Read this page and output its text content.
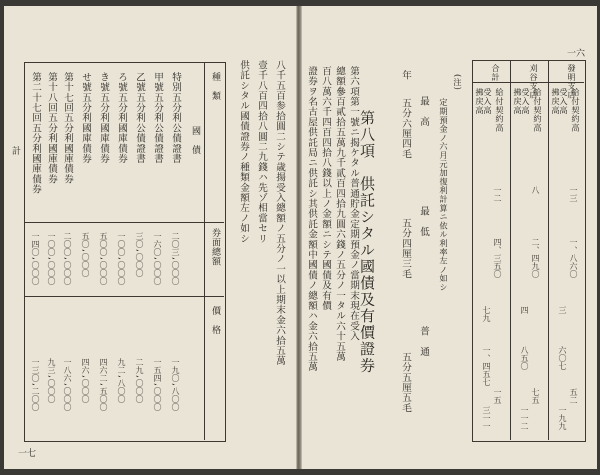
一七
八千五百参拾圓二シテ歳揚受入總額ノ五分ノ一以上期末金六拾五萬
壹千八百四拾八圓二九錢ハ先ゾ相當セリ
供託シタル國債證券ノ種類金額左ノ如シ
種　類
券面總額
價　格
國　債
特別五分利公債證書
二〇三,〇〇〇
一九〇,八〇〇
甲號五分利公債證書
一六〇,〇〇〇
一五四,〇〇〇
乙號五分利公債證書
三〇,〇〇〇
二九,〇〇〇
ろ號五分利國庫債券
一〇〇,〇〇〇
九二,八〇〇
き號五分利國庫債券
五〇〇,〇〇〇
四六二,五〇〇
せ號五分利國庫債券
五〇,〇〇〇
四六,〇〇〇
第十七回五分利國庫債券
二〇〇,〇〇〇
一八六,〇〇〇
第十八回五分利國庫債券
一〇〇,〇〇〇
九三,〇〇〇
第二十七回五分利國庫債券
一四〇,〇〇〇
一三〇,二〇〇
計
一六
發明支店
刈谷支店
合計
給付契約高
受入高
拂戻高
給付契約高
受入高
拂戻高
給付契約高
受入高
拂戻高
一三
一、八六〇
三
六〇七
五二
一九九
八
二、四九〇
四
八五〇
七五
一一二
一二
四、三五〇
七九
一、四五七
一五
三一一
(注)
定期預金ノ六月元加復利計算ニ依ル利率左ノ如シ
最　高
最　低
普　通
年
五分六厘四毛
五分四厘三毛
五分五厘五毛
第八項　供託シタル國債及有價證券
第六項第一號ニ揭ケタル普通貯金定期預金ノ當期末現在受入
總額參百貳拾五萬九千貳百四拾九圓六錢ノ五分ノ一タル六十五萬
百八萬六千四百四拾八錢以上ノ金額ニシテ國債及有價
證券ヲ名古屋供託局ニ供託シ其供託金額中國債ノ總額ハ金六拾五萬
